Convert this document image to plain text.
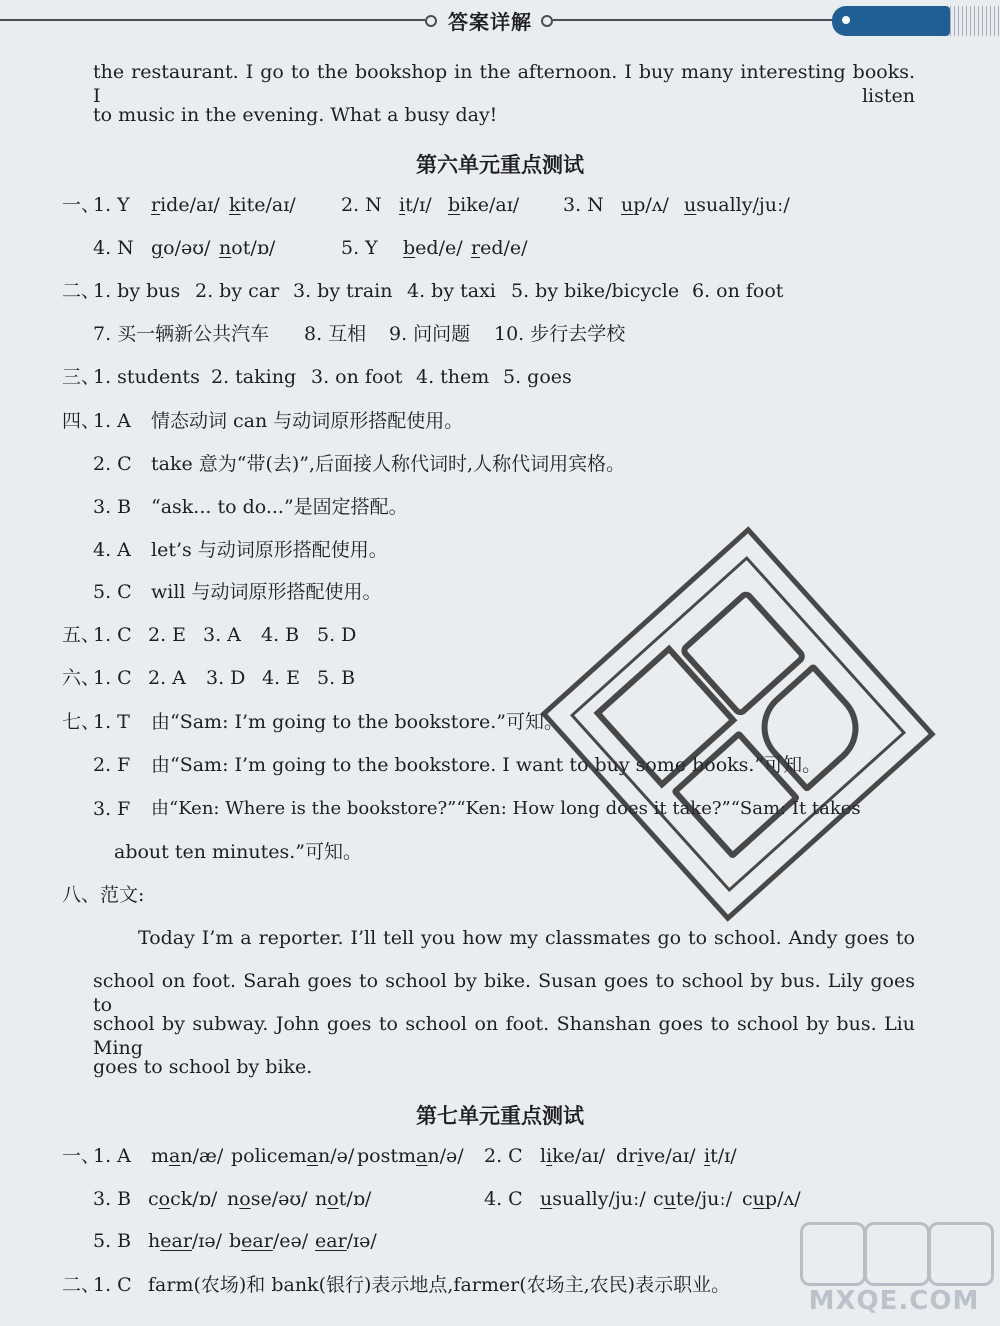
答案详解
the restaurant. I go to the bookshop in the afternoon. I buy many interesting books. I listen
to music in the evening. What a busy day!
第六单元重点测试
一、
1. Y ride/aɪ/ kite/aɪ/ 2. N it/ɪ/ bike/aɪ/ 3. N up/ʌ/ usually/juː/
4. N go/əʊ/ not/ɒ/	5. Y bed/e/ red/e/
二、
1. by bus 2. by car 3. by train 4. by taxi 5. by bike/bicycle 6. on foot
7. 买一辆新公共汽车 8. 互相 9. 问问题 10. 步行去学校
三、
1. students 2. taking 3. on foot 4. them 5. goes
四、
1. A 情态动词 can 与动词原形搭配使用。
2. C take 意为“带(去)”,后面接人称代词时,人称代词用宾格。
3. B “ask... to do...”是固定搭配。
4. A let’s 与动词原形搭配使用。
5. C will 与动词原形搭配使用。
五、
1. C 2. E 3. A 4. B 5. D
六、
1. C 2. A 3. D 4. E 5. B
七、
1. T 由“Sam: I’m going to the bookstore.”可知。
2. F 由“Sam: I’m going to the bookstore. I want to buy some books.”可知。
3. F 由“Ken: Where is the bookstore?”“Ken: How long does it take?”“Sam: It takes
about ten minutes.”可知。
八、范文:
Today I’m a reporter. I’ll tell you how my classmates go to school. Andy goes to
school on foot. Sarah goes to school by bike. Susan goes to school by bus. Lily goes to
school by subway. John goes to school on foot. Shanshan goes to school by bus. Liu Ming
goes to school by bike.
第七单元重点测试
一、
1. A man/æ/ policeman/ə/ postman/ə/ 2. C like/aɪ/ drive/aɪ/ it/ɪ/
3. B cock/ɒ/ nose/əʊ/ not/ɒ/	4. C usually/juː/ cute/juː/ cup/ʌ/
5. B hear/ɪə/ bear/eə/ ear/ɪə/
二、
1. C farm(农场)和 bank(银行)表示地点,farmer(农场主,农民)表示职业。
MXQE.COM
